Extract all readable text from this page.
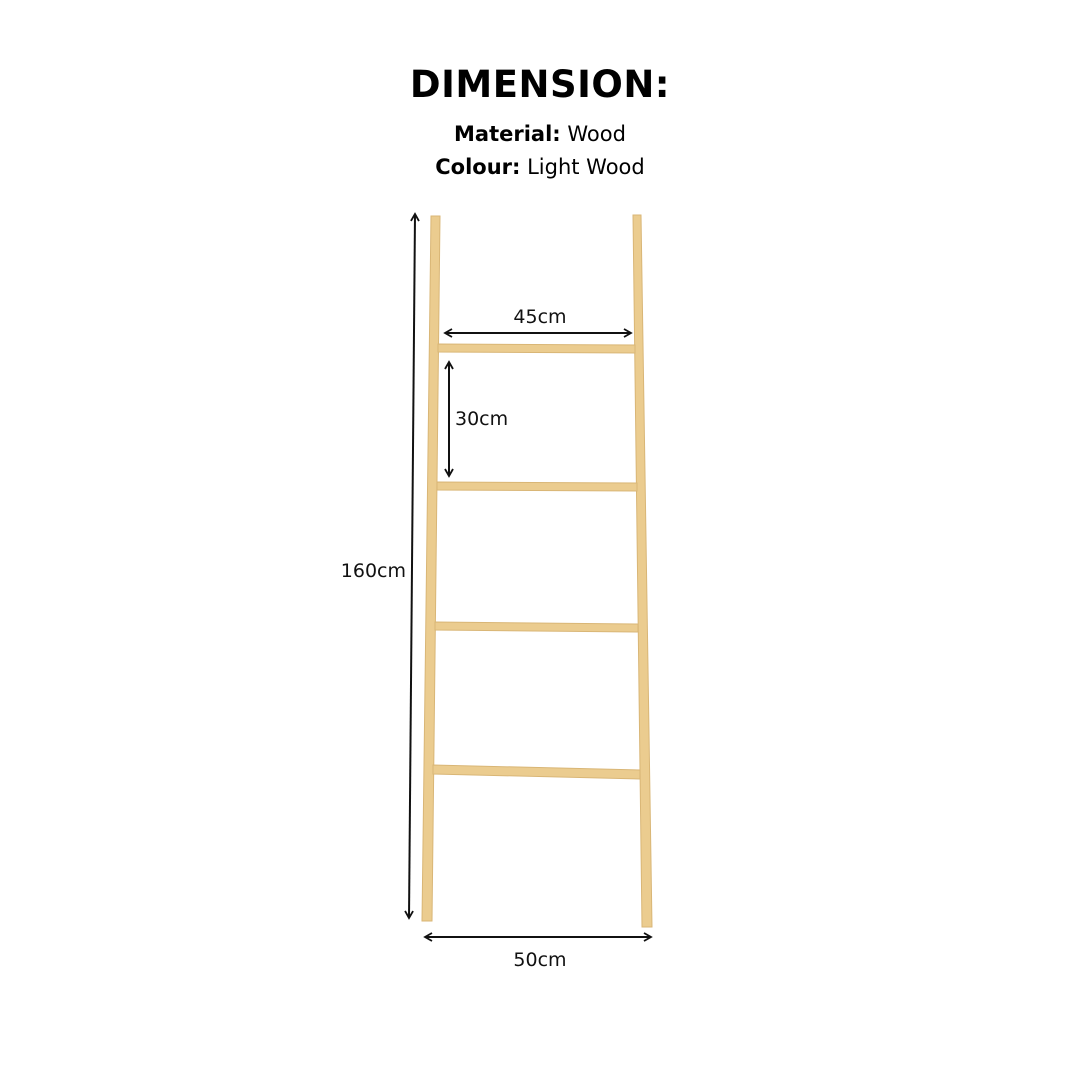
DIMENSION:
Material: Wood
Colour: Light Wood
45cm
30cm
160cm
50cm
